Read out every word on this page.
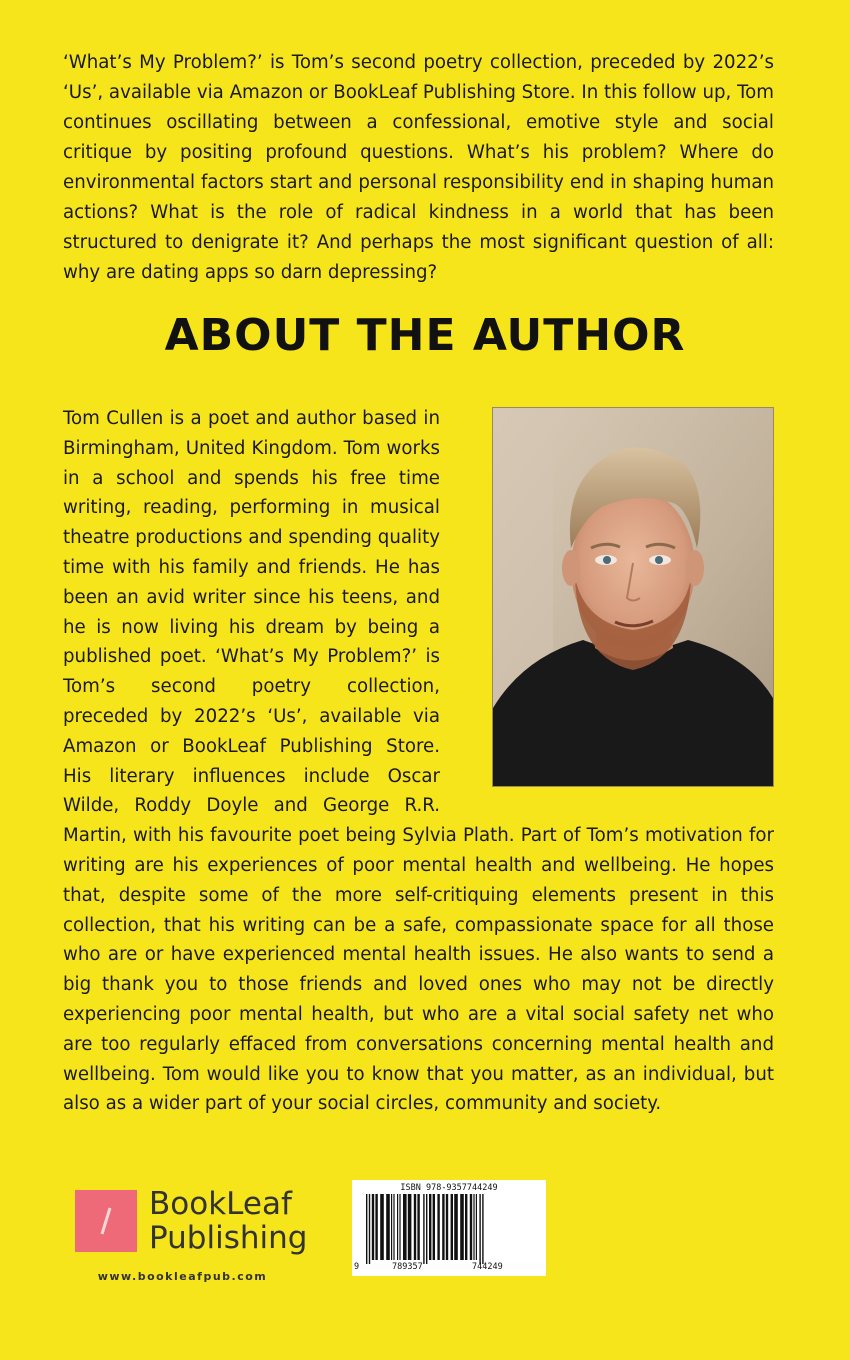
‘What’s My Problem?’ is Tom’s second poetry collection, preceded by 2022’s ‘Us’, available via Amazon or BookLeaf Publishing Store. In this follow up, Tom continues oscillating between a confessional, emotive style and social critique by positing profound questions. What’s his problem? Where do environmental factors start and personal responsibility end in shaping human actions? What is the role of radical kindness in a world that has been structured to denigrate it? And perhaps the most significant question of all: why are dating apps so darn depressing?

ABOUT THE AUTHOR

Tom Cullen is a poet and author based in Birmingham, United Kingdom. Tom works in a school and spends his free time writing, reading, performing in musical theatre productions and spending quality time with his family and friends. He has been an avid writer since his teens, and he is now living his dream by being a published poet. ‘What’s My Problem?’ is Tom’s second poetry collection, preceded by 2022’s ‘Us’, available via Amazon or BookLeaf Publishing Store. His literary influences include Oscar Wilde, Roddy Doyle and George R.R. Martin, with his favourite poet being Sylvia Plath. Part of Tom’s motivation for writing are his experiences of poor mental health and wellbeing. He hopes that, despite some of the more self-critiquing elements present in this collection, that his writing can be a safe, compassionate space for all those who are or have experienced mental health issues. He also wants to send a big thank you to those friends and loved ones who may not be directly experiencing poor mental health, but who are a vital social safety net who are too regularly effaced from conversations concerning mental health and wellbeing. Tom would like you to know that you matter, as an individual, but also as a wider part of your social circles, community and society.

BookLeaf
Publishing
www.bookleafpub.com
ISBN 978-9357744249
9	789357	744249
